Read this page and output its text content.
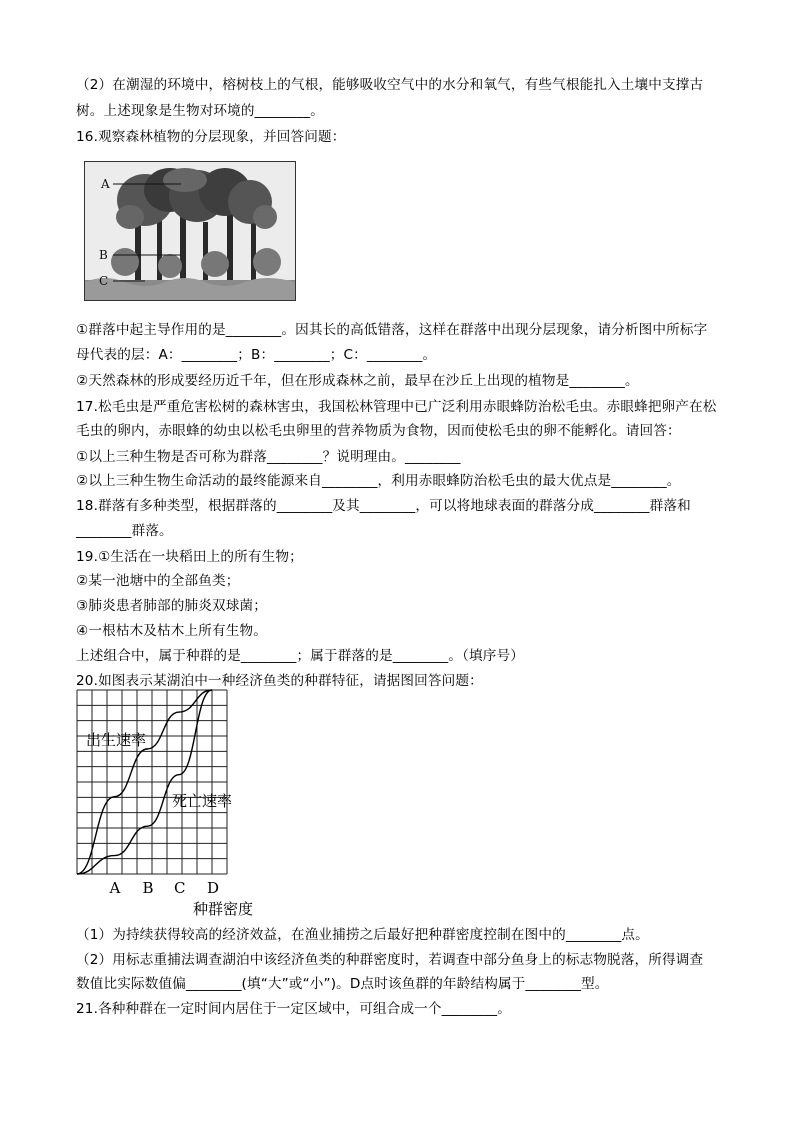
（2）在潮湿的环境中，榕树枝上的气根，能够吸收空气中的水分和氧气，有些气根能扎入土壤中支撑古
树。上述现象是生物对环境的________。
16.观察森林植物的分层现象，并回答问题：
A
B
C
①群落中起主导作用的是________。因其长的高低错落，这样在群落中出现分层现象，请分析图中所标字
母代表的层：A：________；B：________；C：________。
②天然森林的形成要经历近千年，但在形成森林之前，最早在沙丘上出现的植物是________。
17.松毛虫是严重危害松树的森林害虫，我国松林管理中已广泛利用赤眼蜂防治松毛虫。赤眼蜂把卵产在松
毛虫的卵内，赤眼蜂的幼虫以松毛虫卵里的营养物质为食物，因而使松毛虫的卵不能孵化。请回答：
①以上三种生物是否可称为群落________？说明理由。________
②以上三种生物生命活动的最终能源来自________，利用赤眼蜂防治松毛虫的最大优点是________。
18.群落有多种类型，根据群落的________及其________，可以将地球表面的群落分成________群落和
________群落。
19.①生活在一块稻田上的所有生物；
②某一池塘中的全部鱼类；
③肺炎患者肺部的肺炎双球菌；
④一根枯木及枯木上所有生物。
上述组合中，属于种群的是________；属于群落的是________。（填序号）
20.如图表示某湖泊中一种经济鱼类的种群特征，请据图回答问题：
出生速率
死亡速率
A B C D
种群密度
（1）为持续获得较高的经济效益，在渔业捕捞之后最好把种群密度控制在图中的________点。
（2）用标志重捕法调查湖泊中该经济鱼类的种群密度时，若调查中部分鱼身上的标志物脱落，所得调查
数值比实际数值偏________(填“大”或“小”)。D点时该鱼群的年龄结构属于________型。
21.各种种群在一定时间内居住于一定区域中，可组合成一个________。
